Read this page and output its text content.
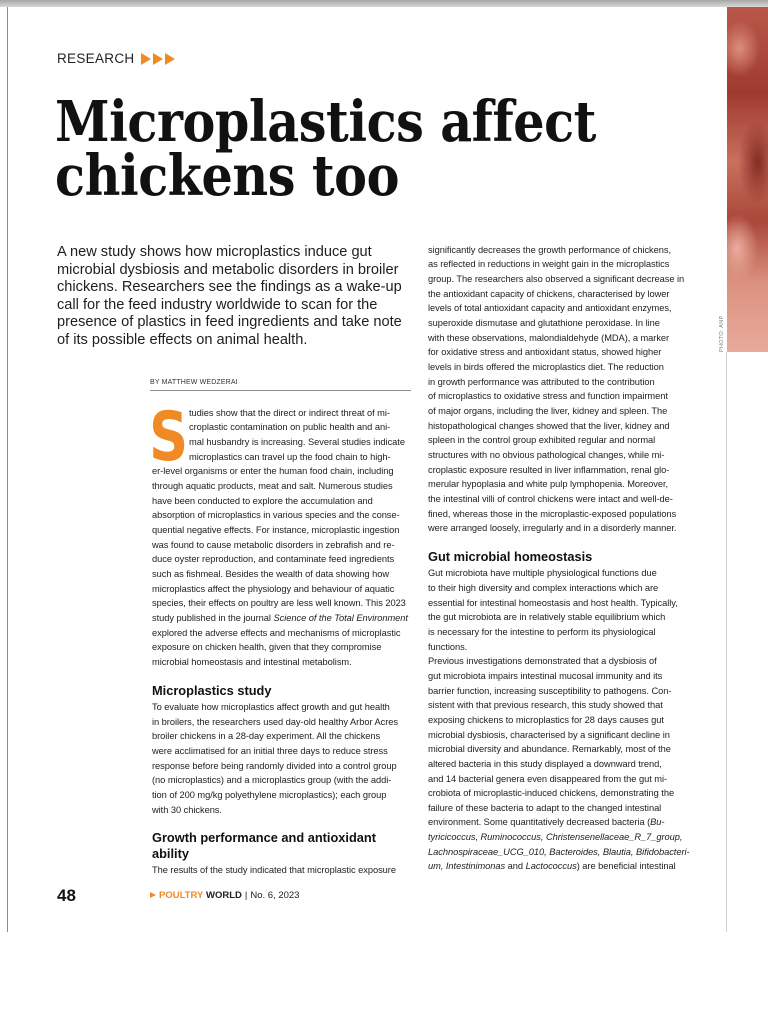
PHOTO: ANP
RESEARCH
Microplastics affect
chickens too
A new study shows how microplastics induce gut
microbial dysbiosis and metabolic disorders in broiler
chickens. Researchers see the findings as a wake-up
call for the feed industry worldwide to scan for the
presence of plastics in feed ingredients and take note
of its possible effects on animal health.
BY MATTHEW WEDZERAI
S tudies show that the direct or indirect threat of mi-
croplastic contamination on public health and ani-
mal husbandry is increasing. Several studies indicate
microplastics can travel up the food chain to high-
er-level organisms or enter the human food chain, including
through aquatic products, meat and salt. Numerous studies
have been conducted to explore the accumulation and
absorption of microplastics in various species and the conse-
quential negative effects. For instance, microplastic ingestion
was found to cause metabolic disorders in zebrafish and re-
duce oyster reproduction, and contaminate feed ingredients
such as fishmeal. Besides the wealth of data showing how
microplastics affect the physiology and behaviour of aquatic
species, their effects on poultry are less well known. This 2023
study published in the journal Science of the Total Environment
explored the adverse effects and mechanisms of microplastic
exposure on chicken health, given that they compromise
microbial homeostasis and intestinal metabolism.
Microplastics study
To evaluate how microplastics affect growth and gut health
in broilers, the researchers used day-old healthy Arbor Acres
broiler chickens in a 28-day experiment. All the chickens
were acclimatised for an initial three days to reduce stress
response before being randomly divided into a control group
(no microplastics) and a microplastics group (with the addi-
tion of 200 mg/kg polyethylene microplastics); each group
with 30 chickens.
Growth performance and antioxidant
ability
The results of the study indicated that microplastic exposure
significantly decreases the growth performance of chickens,
as reflected in reductions in weight gain in the microplastics
group. The researchers also observed a significant decrease in
the antioxidant capacity of chickens, characterised by lower
levels of total antioxidant capacity and antioxidant enzymes,
superoxide dismutase and glutathione peroxidase. In line
with these observations, malondialdehyde (MDA), a marker
for oxidative stress and antioxidant status, showed higher
levels in birds offered the microplastics diet. The reduction
in growth performance was attributed to the contribution
of microplastics to oxidative stress and function impairment
of major organs, including the liver, kidney and spleen. The
histopathological changes showed that the liver, kidney and
spleen in the control group exhibited regular and normal
structures with no obvious pathological changes, while mi-
croplastic exposure resulted in liver inflammation, renal glo-
merular hypoplasia and white pulp lymphopenia. Moreover,
the intestinal villi of control chickens were intact and well-de-
fined, whereas those in the microplastic-exposed populations
were arranged loosely, irregularly and in a disorderly manner.
Gut microbial homeostasis
Gut microbiota have multiple physiological functions due
to their high diversity and complex interactions which are
essential for intestinal homeostasis and host health. Typically,
the gut microbiota are in relatively stable equilibrium which
is necessary for the intestine to perform its physiological
functions.
Previous investigations demonstrated that a dysbiosis of
gut microbiota impairs intestinal mucosal immunity and its
barrier function, increasing susceptibility to pathogens. Con-
sistent with that previous research, this study showed that
exposing chickens to microplastics for 28 days causes gut
microbial dysbiosis, characterised by a significant decline in
microbial diversity and abundance. Remarkably, most of the
altered bacteria in this study displayed a downward trend,
and 14 bacterial genera even disappeared from the gut mi-
crobiota of microplastic-induced chickens, demonstrating the
failure of these bacteria to adapt to the changed intestinal
environment. Some quantitatively decreased bacteria (Bu-
tyricicoccus, Ruminococcus, Christensenellaceae_R_7_group,
Lachnospiraceae_UCG_010, Bacteroides, Blautia, Bifidobacteri-
um, Intestinimonas and Lactococcus) are beneficial intestinal
48	POULTRY WORLD | No. 6, 2023
